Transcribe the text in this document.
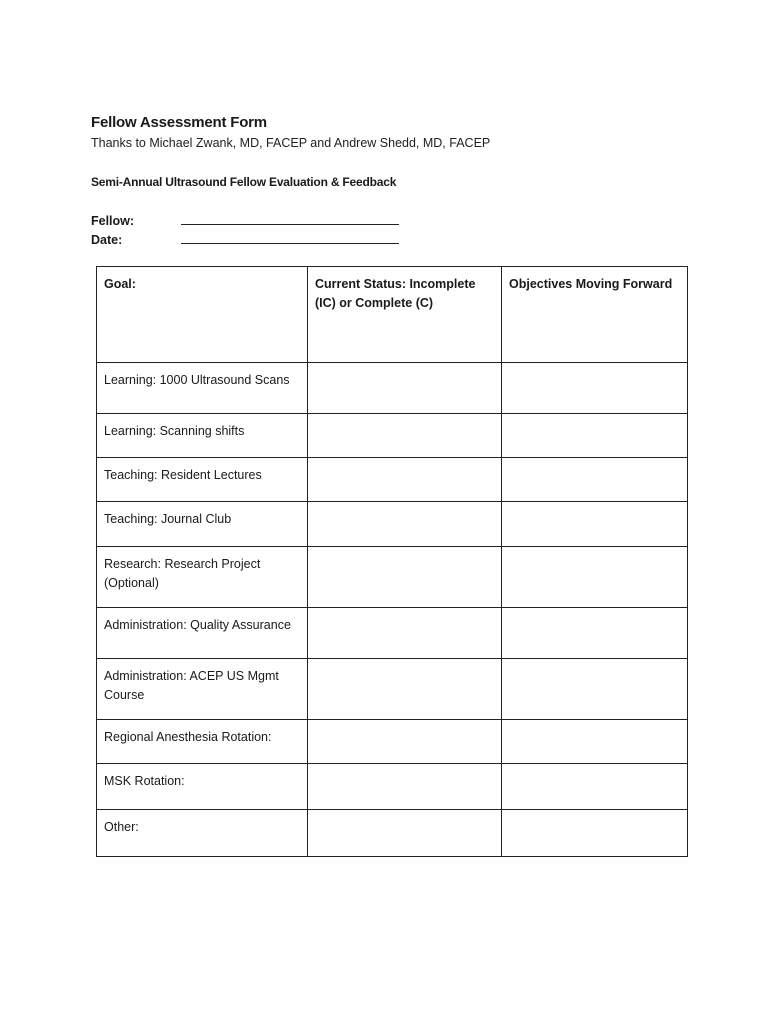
Fellow Assessment Form
Thanks to Michael Zwank, MD, FACEP and Andrew Shedd, MD, FACEP
Semi-Annual Ultrasound Fellow Evaluation & Feedback
Fellow:
Date:
Goal:	Current Status: Incomplete (IC) or Complete (C)	Objectives Moving Forward
Learning: 1000 Ultrasound Scans		
Learning: Scanning shifts		
Teaching: Resident Lectures		
Teaching: Journal Club		
Research: Research Project (Optional)		
Administration: Quality Assurance		
Administration: ACEP US Mgmt Course		
Regional Anesthesia Rotation:		
MSK Rotation:		
Other:		
